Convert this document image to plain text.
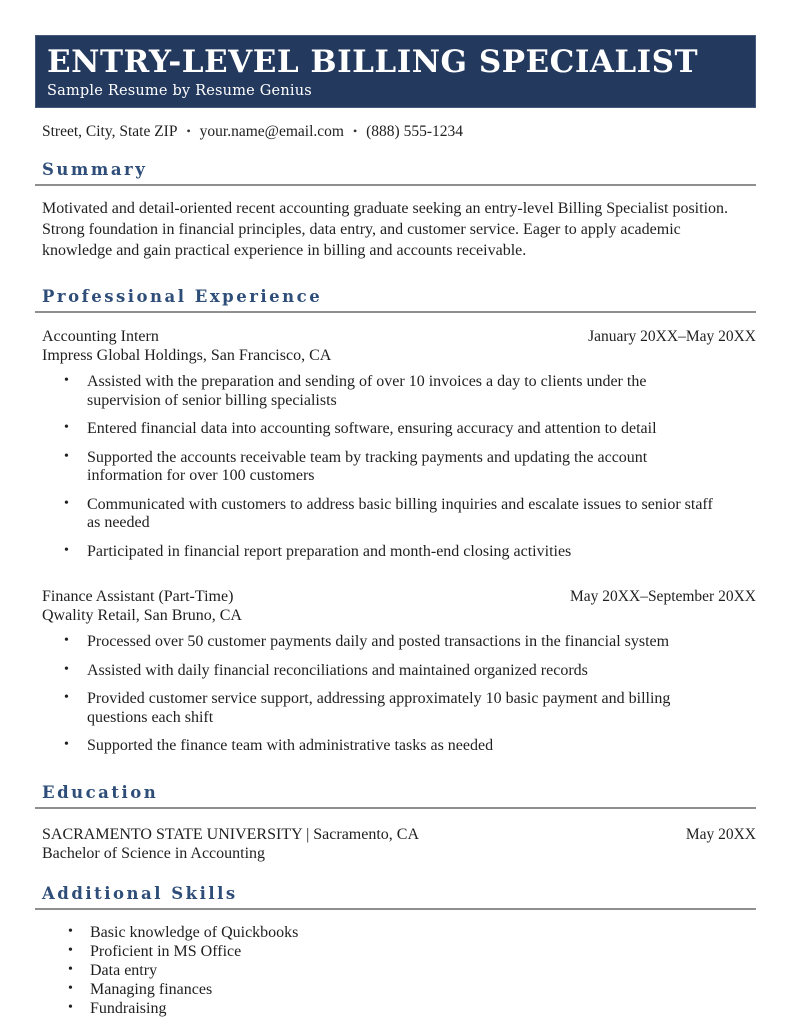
ENTRY-LEVEL BILLING SPECIALIST
Sample Resume by Resume Genius
Street, City, State ZIP • your.name@email.com • (888) 555-1234
Summary

Motivated and detail-oriented recent accounting graduate seeking an entry-level Billing Specialist position. Strong foundation in financial principles, data entry, and customer service. Eager to apply academic knowledge and gain practical experience in billing and accounts receivable.

Professional Experience
Accounting Intern	January 20XX–May 20XX
Impress Global Holdings, San Francisco, CA
• Assisted with the preparation and sending of over 10 invoices a day to clients under the supervision of senior billing specialists
• Entered financial data into accounting software, ensuring accuracy and attention to detail
• Supported the accounts receivable team by tracking payments and updating the account information for over 100 customers
• Communicated with customers to address basic billing inquiries and escalate issues to senior staff as needed
• Participated in financial report preparation and month-end closing activities
Finance Assistant (Part-Time)	May 20XX–September 20XX
Qwality Retail, San Bruno, CA
• Processed over 50 customer payments daily and posted transactions in the financial system
• Assisted with daily financial reconciliations and maintained organized records
• Provided customer service support, addressing approximately 10 basic payment and billing questions each shift
• Supported the finance team with administrative tasks as needed
Education
SACRAMENTO STATE UNIVERSITY | Sacramento, CA	May 20XX
Bachelor of Science in Accounting
Additional Skills
• Basic knowledge of Quickbooks
• Proficient in MS Office
• Data entry
• Managing finances
• Fundraising
